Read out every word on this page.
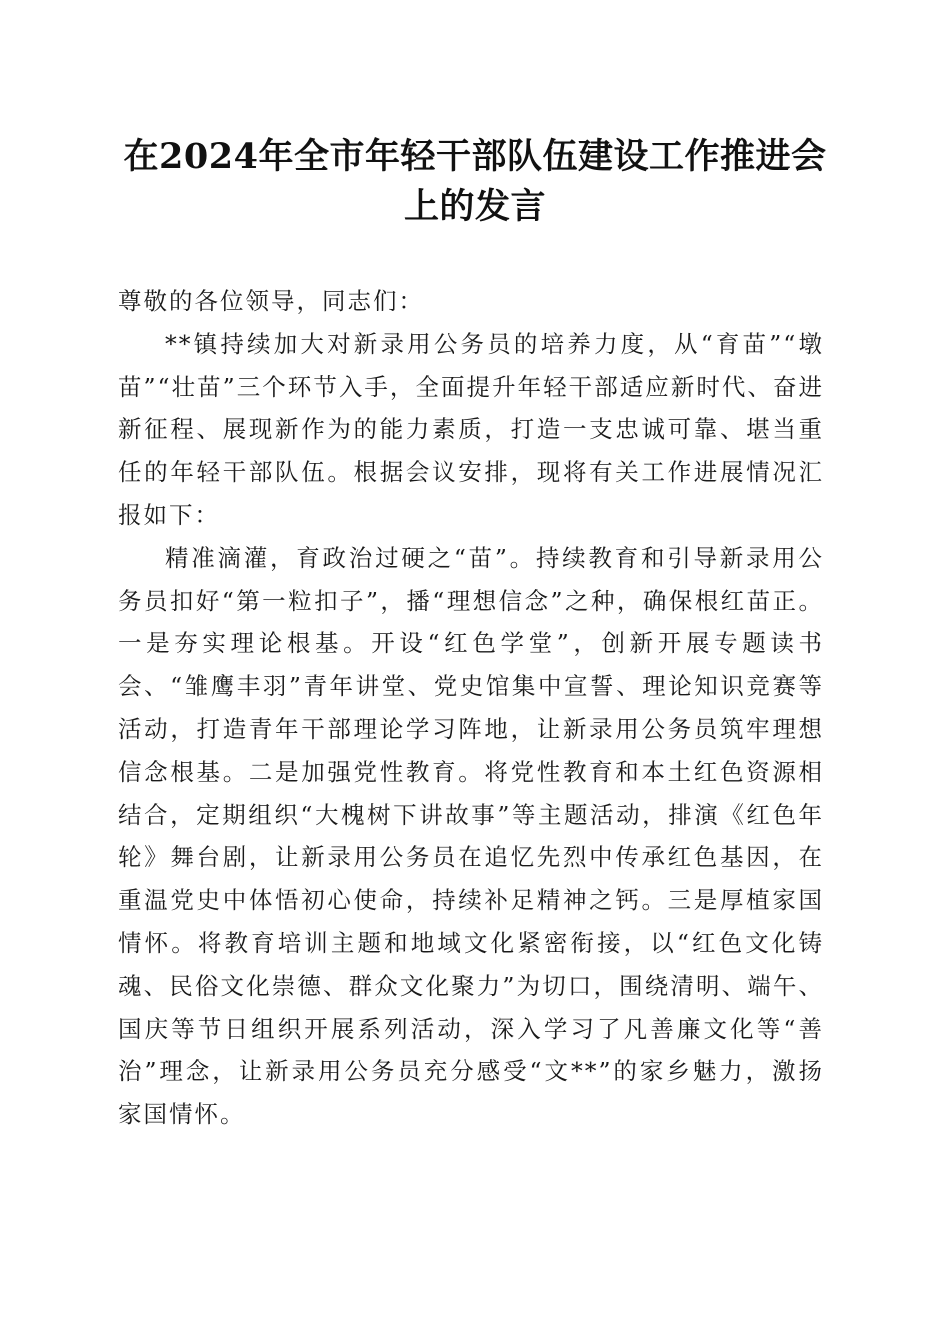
在2024年全市年轻干部队伍建设工作推进会
上的发言

尊敬的各位领导，同志们：

**镇持续加大对新录用公务员的培养力度，从“育苗”“墩苗”“壮苗”三个环节入手，全面提升年轻干部适应新时代、奋进新征程、展现新作为的能力素质，打造一支忠诚可靠、堪当重任的年轻干部队伍。根据会议安排，现将有关工作进展情况汇报如下：

精准滴灌，育政治过硬之“苗”。持续教育和引导新录用公务员扣好“第一粒扣子”，播“理想信念”之种，确保根红苗正。一是夯实理论根基。开设“红色学堂”，创新开展专题读书会、“雏鹰丰羽”青年讲堂、党史馆集中宣誓、理论知识竞赛等活动，打造青年干部理论学习阵地，让新录用公务员筑牢理想信念根基。二是加强党性教育。将党性教育和本土红色资源相结合，定期组织“大槐树下讲故事”等主题活动，排演《红色年轮》舞台剧，让新录用公务员在追忆先烈中传承红色基因，在重温党史中体悟初心使命，持续补足精神之钙。三是厚植家国情怀。将教育培训主题和地域文化紧密衔接，以“红色文化铸魂、民俗文化崇德、群众文化聚力”为切口，围绕清明、端午、国庆等节日组织开展系列活动，深入学习了凡善廉文化等“善治”理念，让新录用公务员充分感受“文**”的家乡魅力，激扬家国情怀。
